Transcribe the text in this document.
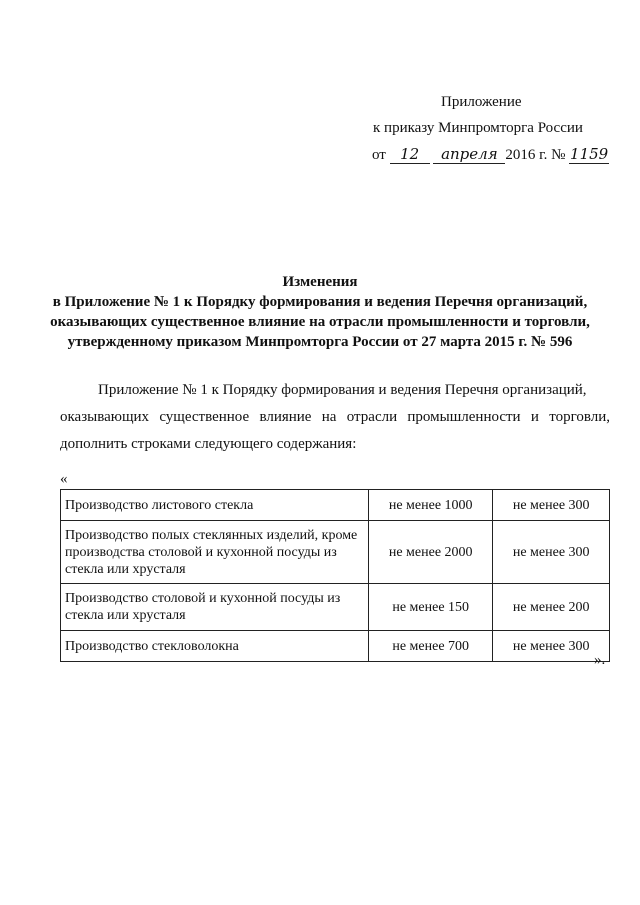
Приложение
к приказу Минпромторга России
от 12 апреля 2016 г. № 1159
Изменения
в Приложение № 1 к Порядку формирования и ведения Перечня организаций,
оказывающих существенное влияние на отрасли промышленности и торговли,
утвержденному приказом Минпромторга России от 27 марта 2015 г. № 596
Приложение № 1 к Порядку формирования и ведения Перечня организаций,
оказывающих существенное влияние на отрасли промышленности и торговли, дополнить строками следующего содержания:
«
Производство листового стекла	не менее 1000	не менее 300
Производство полых стеклянных изделий, кроме производства столовой и кухонной посуды из стекла или хрусталя	не менее 2000	не менее 300
Производство столовой и кухонной посуды из стекла или хрусталя	не менее 150	не менее 200
Производство стекловолокна	не менее 700	не менее 300
».
